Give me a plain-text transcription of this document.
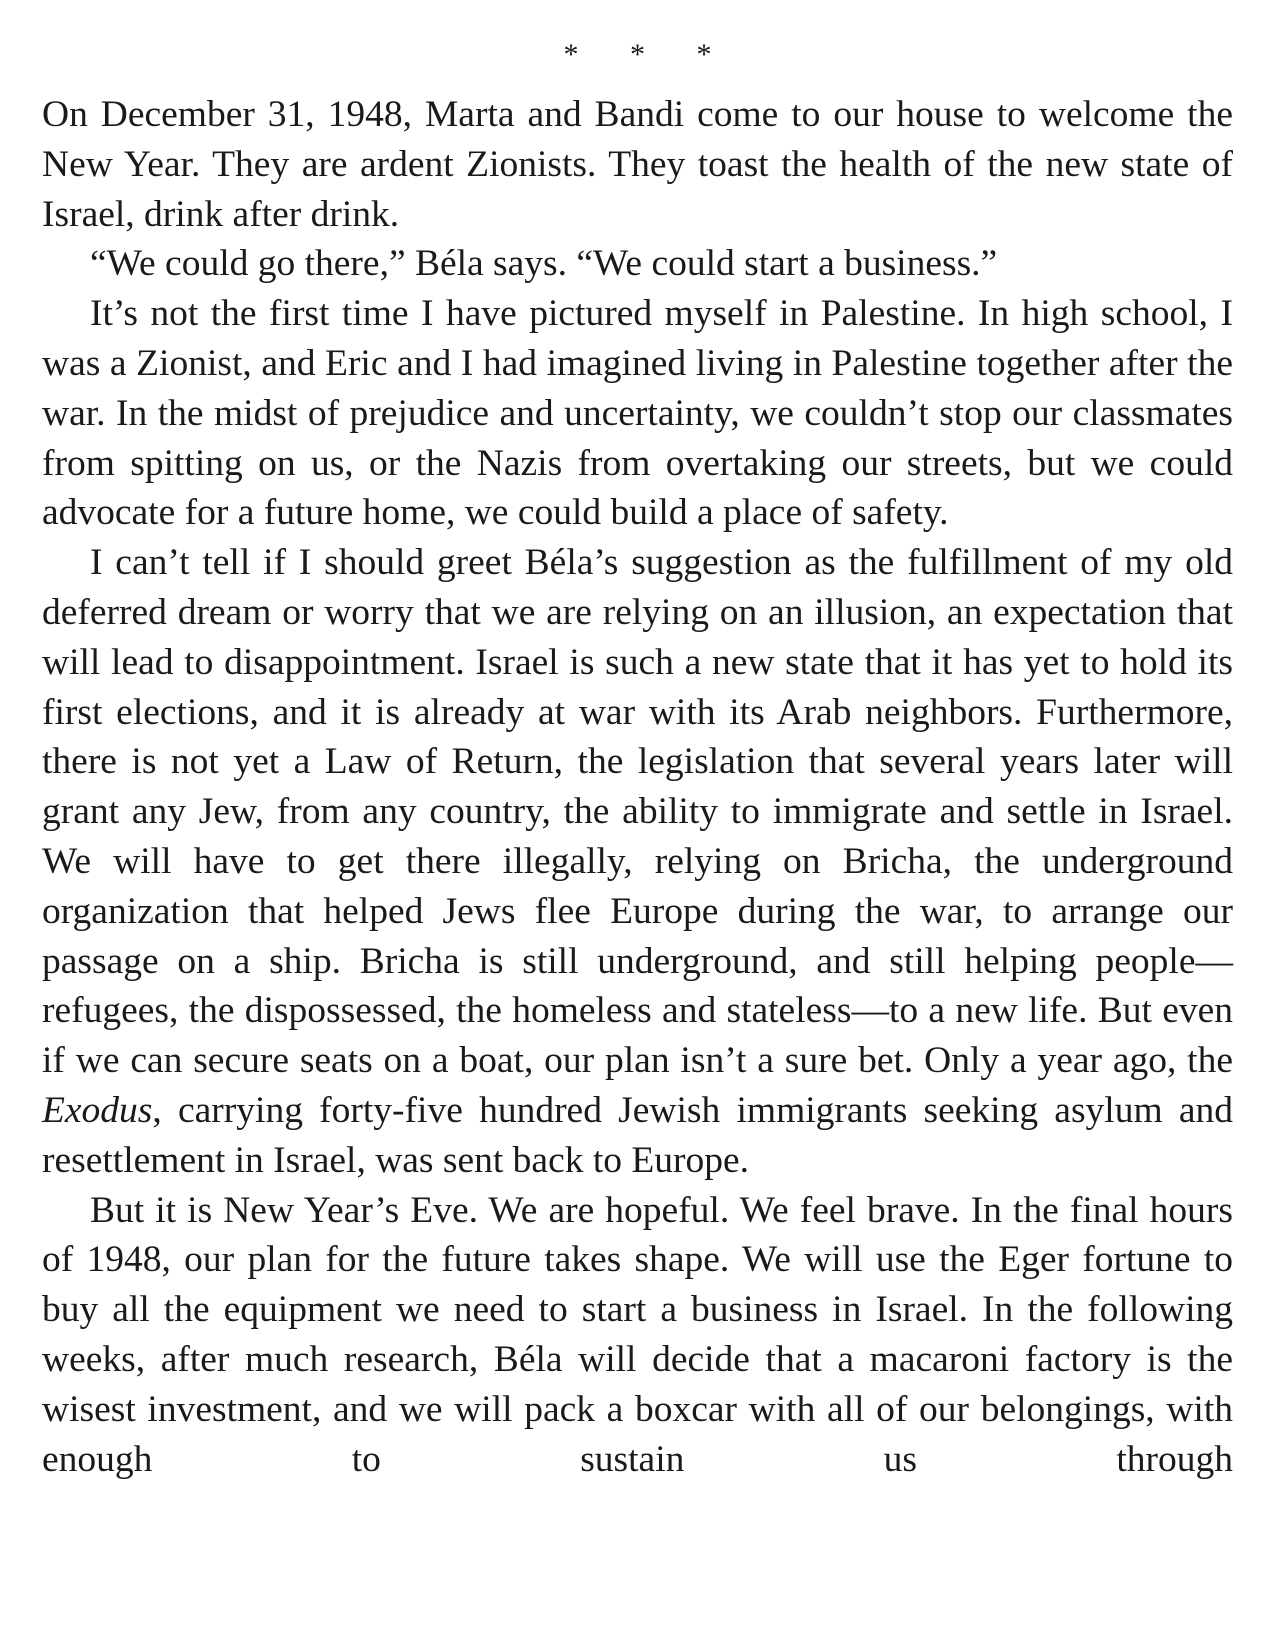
* * *

On December 31, 1948, Marta and Bandi come to our house to welcome the New Year. They are ardent Zionists. They toast the health of the new state of Israel, drink after drink.

“We could go there,” Béla says. “We could start a business.”

It’s not the first time I have pictured myself in Palestine. In high school, I was a Zionist, and Eric and I had imagined living in Palestine together after the war. In the midst of prejudice and uncertainty, we couldn’t stop our classmates from spitting on us, or the Nazis from overtaking our streets, but we could advocate for a future home, we could build a place of safety.

I can’t tell if I should greet Béla’s suggestion as the fulfillment of my old deferred dream or worry that we are relying on an illusion, an expectation that will lead to disappointment. Israel is such a new state that it has yet to hold its first elections, and it is already at war with its Arab neighbors. Furthermore, there is not yet a Law of Return, the legislation that several years later will grant any Jew, from any country, the ability to immigrate and settle in Israel. We will have to get there illegally, relying on Bricha, the underground organization that helped Jews flee Europe during the war, to arrange our passage on a ship. Bricha is still underground, and still helping people—refugees, the dispossessed, the homeless and stateless—to a new life. But even if we can secure seats on a boat, our plan isn’t a sure bet. Only a year ago, the Exodus, carrying forty-five hundred Jewish immigrants seeking asylum and resettlement in Israel, was sent back to Europe.

But it is New Year’s Eve. We are hopeful. We feel brave. In the final hours of 1948, our plan for the future takes shape. We will use the Eger fortune to buy all the equipment we need to start a business in Israel. In the following weeks, after much research, Béla will decide that a macaroni factory is the wisest investment, and we will pack a boxcar with all of our belongings, with enough to sustain us through
